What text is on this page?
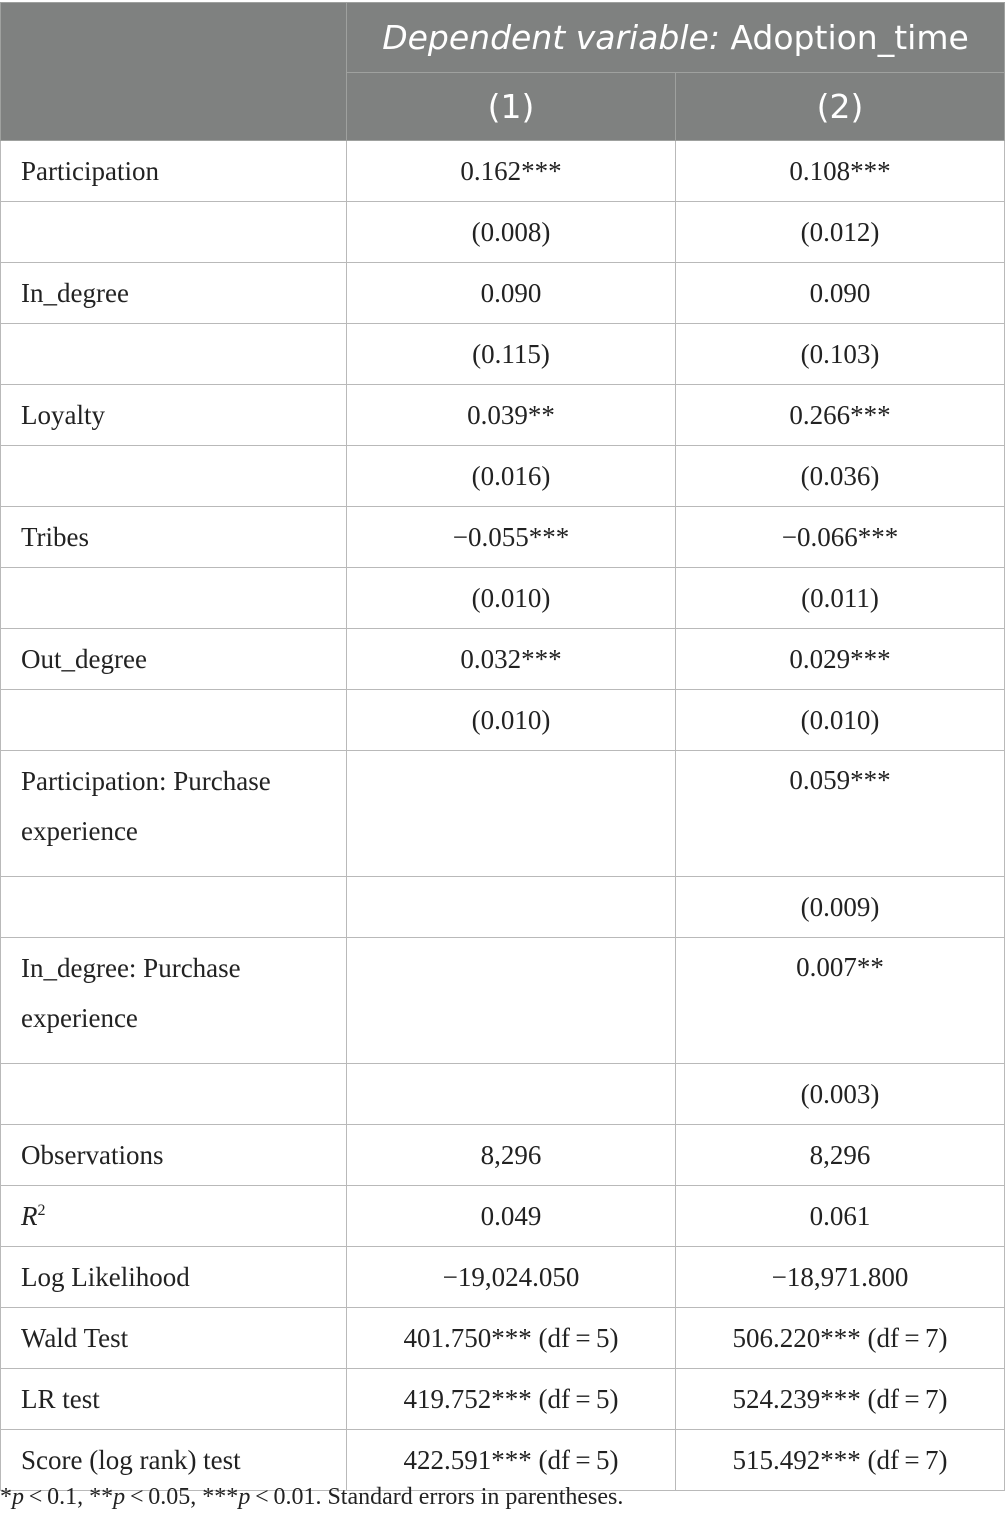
	Dependent variable: Adoption_time	
	(1)	(2)
Participation	0.162***	0.108***
	(0.008)	(0.012)
In_degree	0.090	0.090
	(0.115)	(0.103)
Loyalty	0.039**	0.266***
	(0.016)	(0.036)
Tribes	−0.055***	−0.066***
	(0.010)	(0.011)
Out_degree	0.032***	0.029***
	(0.010)	(0.010)
Participation: Purchase experience		0.059***
		(0.009)
In_degree: Purchase experience		0.007**
		(0.003)
Observations	8,296	8,296
$R^2$	0.049	0.061
Log Likelihood	−19,024.050	−18,971.800
Wald Test	401.750*** (df = 5)	506.220*** (df = 7)
LR test	419.752*** (df = 5)	524.239*** (df = 7)
Score (log rank) test	422.591*** (df = 5)	515.492*** (df = 7)
*p < 0.1, **p < 0.05, ***p < 0.01. Standard errors in parentheses.
